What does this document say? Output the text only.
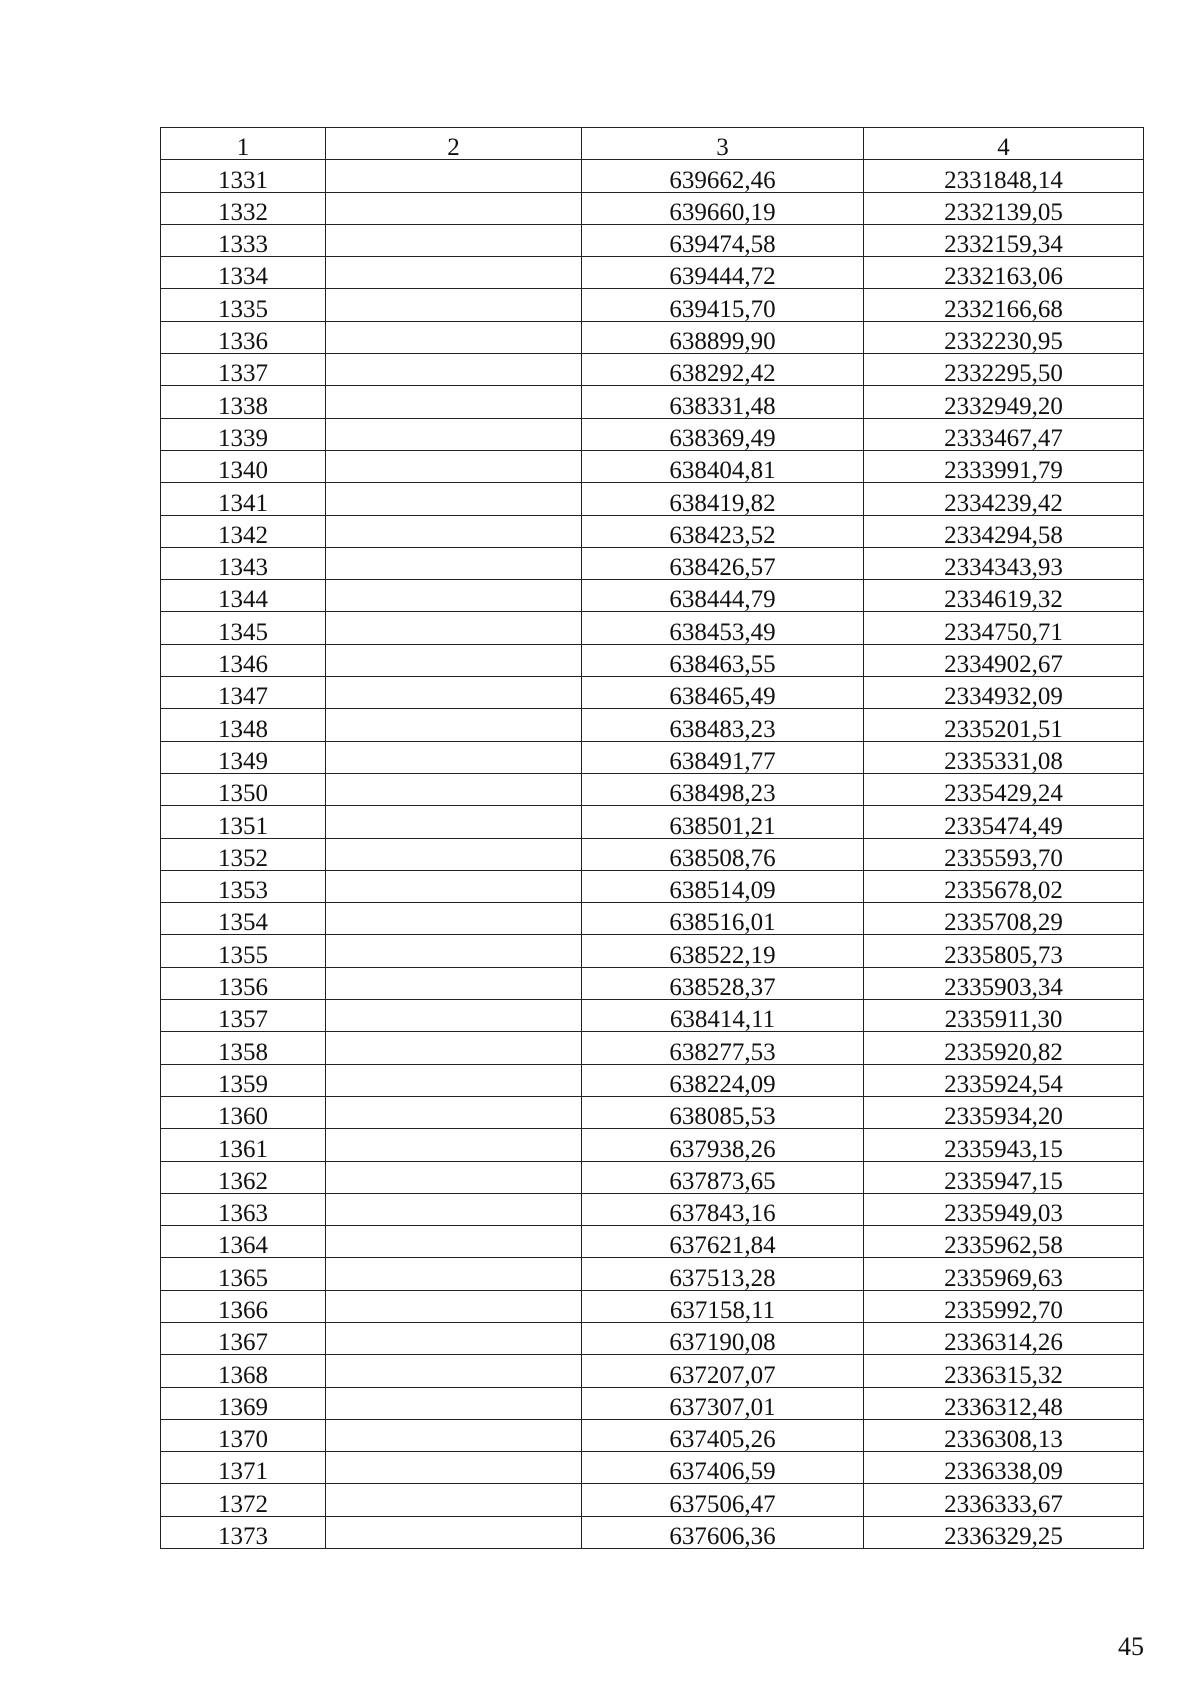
1	2	3	4
1331		639662,46	2331848,14
1332		639660,19	2332139,05
1333		639474,58	2332159,34
1334		639444,72	2332163,06
1335		639415,70	2332166,68
1336		638899,90	2332230,95
1337		638292,42	2332295,50
1338		638331,48	2332949,20
1339		638369,49	2333467,47
1340		638404,81	2333991,79
1341		638419,82	2334239,42
1342		638423,52	2334294,58
1343		638426,57	2334343,93
1344		638444,79	2334619,32
1345		638453,49	2334750,71
1346		638463,55	2334902,67
1347		638465,49	2334932,09
1348		638483,23	2335201,51
1349		638491,77	2335331,08
1350		638498,23	2335429,24
1351		638501,21	2335474,49
1352		638508,76	2335593,70
1353		638514,09	2335678,02
1354		638516,01	2335708,29
1355		638522,19	2335805,73
1356		638528,37	2335903,34
1357		638414,11	2335911,30
1358		638277,53	2335920,82
1359		638224,09	2335924,54
1360		638085,53	2335934,20
1361		637938,26	2335943,15
1362		637873,65	2335947,15
1363		637843,16	2335949,03
1364		637621,84	2335962,58
1365		637513,28	2335969,63
1366		637158,11	2335992,70
1367		637190,08	2336314,26
1368		637207,07	2336315,32
1369		637307,01	2336312,48
1370		637405,26	2336308,13
1371		637406,59	2336338,09
1372		637506,47	2336333,67
1373		637606,36	2336329,25
45
